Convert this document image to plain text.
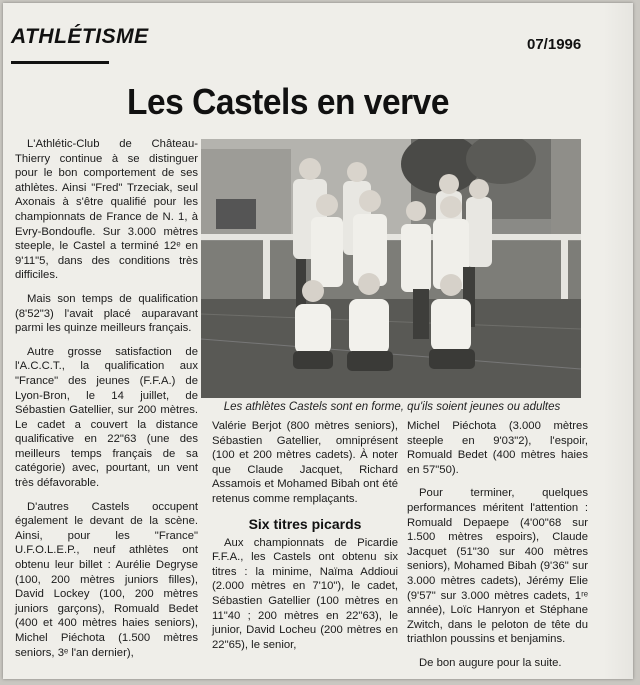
ATHLÉTISME	07/1996
Les Castels en verve

L'Athlétic-Club de Château-Thierry continue à se distinguer pour le bon comportement de ses athlètes. Ainsi "Fred" Trzeciak, seul Axonais à s'être qualifié pour les championnats de France de N. 1, à Evry-Bondoufle. Sur 3.000 mètres steeple, le Castel a terminé 12ᵉ en 9'11"5, dans des conditions très difficiles.

Mais son temps de qualification (8'52"3) l'avait placé auparavant parmi les quinze meilleurs français.

Autre grosse satisfaction de l'A.C.C.T., la qualification aux "France" des jeunes (F.F.A.) de Lyon-Bron, le 14 juillet, de Sébastien Gatellier, sur 200 mètres. Le cadet a couvert la distance qualificative en 22"63 (une des meilleurs temps français de sa catégorie) avec, pourtant, un vent très défavorable.

D'autres Castels occupent également le devant de la scène. Ainsi, pour les "France" U.F.O.L.E.P., neuf athlètes ont obtenu leur billet : Aurélie Degryse (100, 200 mètres juniors filles), David Lockey (100, 200 mètres juniors garçons), Romuald Bedet (400 et 400 mètres haies seniors), Michel Piéchota (1.500 mètres seniors, 3ᵉ l'an dernier),

Les athlètes Castels sont en forme, qu'ils soient jeunes ou adultes

Valérie Berjot (800 mètres seniors), Sébastien Gatellier, omniprésent (100 et 200 mètres cadets). À noter que Claude Jacquet, Richard Assamois et Mohamed Bibah ont été retenus comme remplaçants.

Six titres picards

Aux championnats de Picardie F.F.A., les Castels ont obtenu six titres : la minime, Naïma Addioui (2.000 mètres en 7'10"), le cadet, Sébastien Gatellier (100 mètres en 11"40 ; 200 mètres en 22"63), le junior, David Locheu (200 mètres en 22"65), le senior,

Michel Piéchota (3.000 mètres steeple en 9'03"2), l'espoir, Romuald Bedet (400 mètres haies en 57"50).

Pour terminer, quelques performances méritent l'attention : Romuald Depaepe (4'00"68 sur 1.500 mètres espoirs), Claude Jacquet (51"30 sur 400 mètres seniors), Mohamed Bibah (9'36" sur 3.000 mètres cadets), Jérémy Elie (9'57" sur 3.000 mètres cadets, 1ʳᵉ année), Loïc Hanryon et Stéphane Zwitch, dans le peloton de tête du triathlon poussins et benjamins.

De bon augure pour la suite.
